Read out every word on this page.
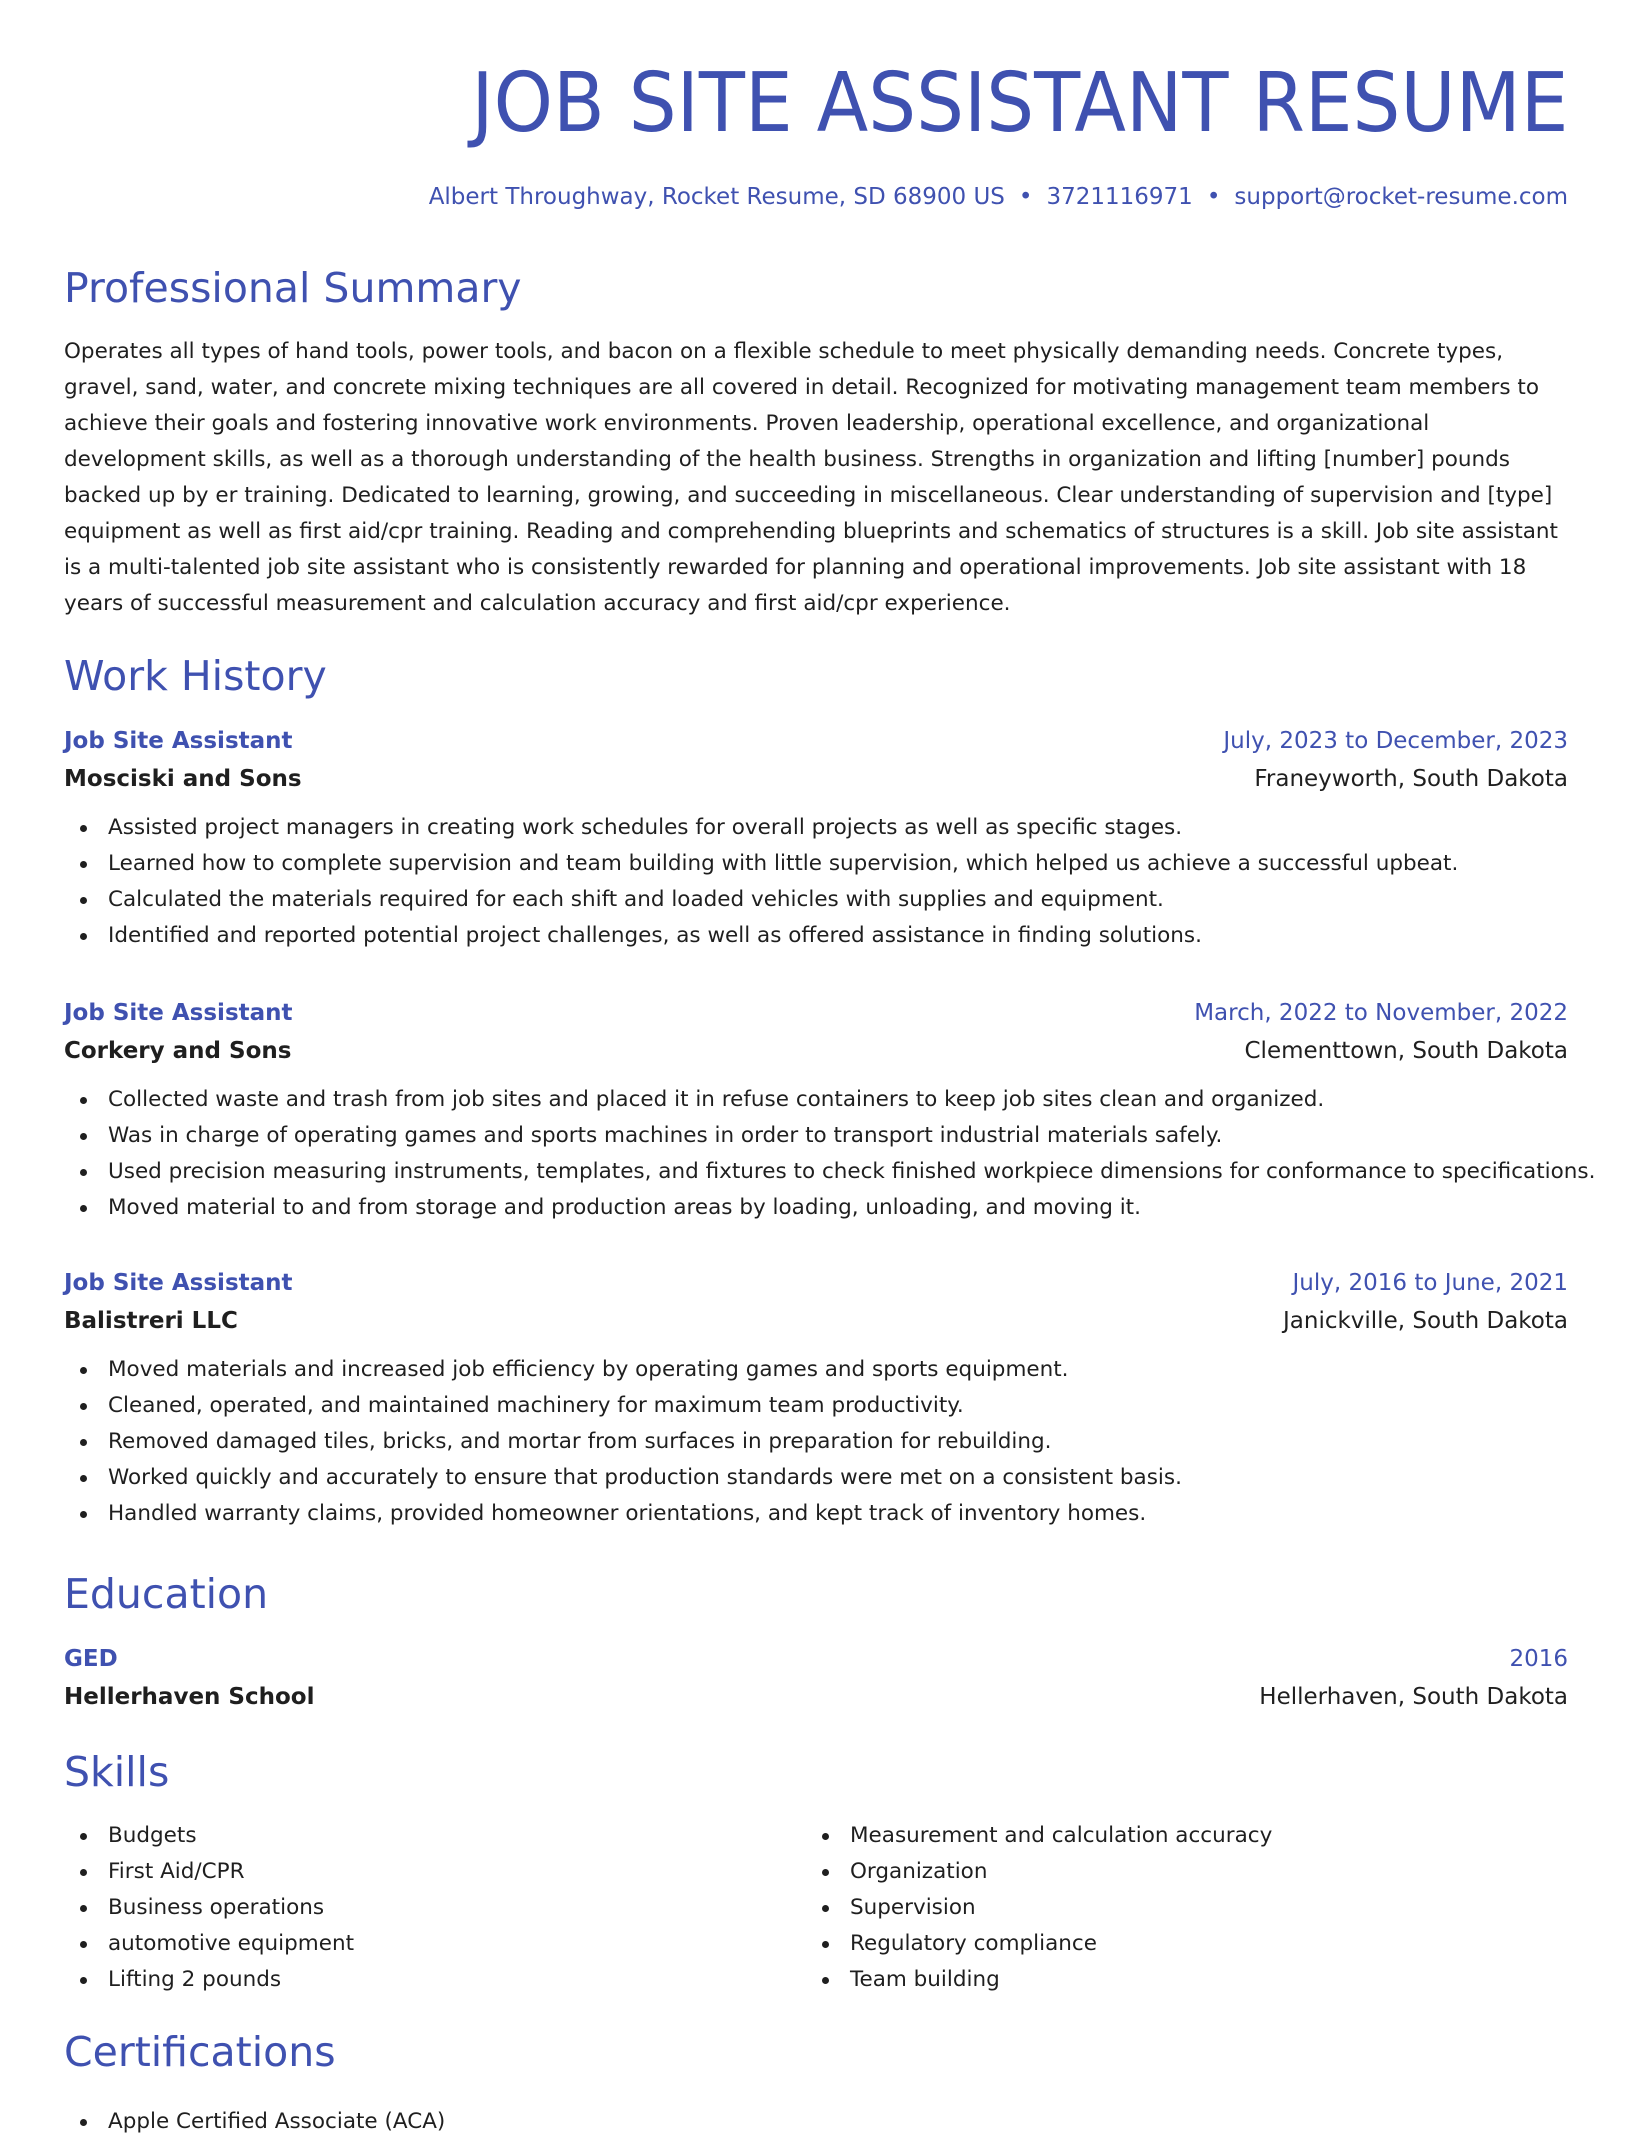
JOB SITE ASSISTANT RESUME
Albert Throughway, Rocket Resume, SD 68900 US • 3721116971 • support@rocket-resume.com
Professional Summary
Operates all types of hand tools, power tools, and bacon on a flexible schedule to meet physically demanding needs. Concrete types, gravel, sand, water, and concrete mixing techniques are all covered in detail. Recognized for motivating management team members to achieve their goals and fostering innovative work environments. Proven leadership, operational excellence, and organizational development skills, as well as a thorough understanding of the health business. Strengths in organization and lifting [number] pounds backed up by er training. Dedicated to learning, growing, and succeeding in miscellaneous. Clear understanding of supervision and [type] equipment as well as first aid/cpr training. Reading and comprehending blueprints and schematics of structures is a skill. Job site assistant is a multi-talented job site assistant who is consistently rewarded for planning and operational improvements. Job site assistant with 18 years of successful measurement and calculation accuracy and first aid/cpr experience.
Work History
Job Site Assistant	July, 2023 to December, 2023
Mosciski and Sons	Franeyworth, South Dakota
Assisted project managers in creating work schedules for overall projects as well as specific stages.
Learned how to complete supervision and team building with little supervision, which helped us achieve a successful upbeat.
Calculated the materials required for each shift and loaded vehicles with supplies and equipment.
Identified and reported potential project challenges, as well as offered assistance in finding solutions.
Job Site Assistant	March, 2022 to November, 2022
Corkery and Sons	Clementtown, South Dakota
Collected waste and trash from job sites and placed it in refuse containers to keep job sites clean and organized.
Was in charge of operating games and sports machines in order to transport industrial materials safely.
Used precision measuring instruments, templates, and fixtures to check finished workpiece dimensions for conformance to specifications.
Moved material to and from storage and production areas by loading, unloading, and moving it.
Job Site Assistant	July, 2016 to June, 2021
Balistreri LLC	Janickville, South Dakota
Moved materials and increased job efficiency by operating games and sports equipment.
Cleaned, operated, and maintained machinery for maximum team productivity.
Removed damaged tiles, bricks, and mortar from surfaces in preparation for rebuilding.
Worked quickly and accurately to ensure that production standards were met on a consistent basis.
Handled warranty claims, provided homeowner orientations, and kept track of inventory homes.
Education
GED	2016
Hellerhaven School	Hellerhaven, South Dakota
Skills
Budgets
First Aid/CPR
Business operations
automotive equipment
Lifting 2 pounds
Measurement and calculation accuracy
Organization
Supervision
Regulatory compliance
Team building
Certifications
Apple Certified Associate (ACA)
